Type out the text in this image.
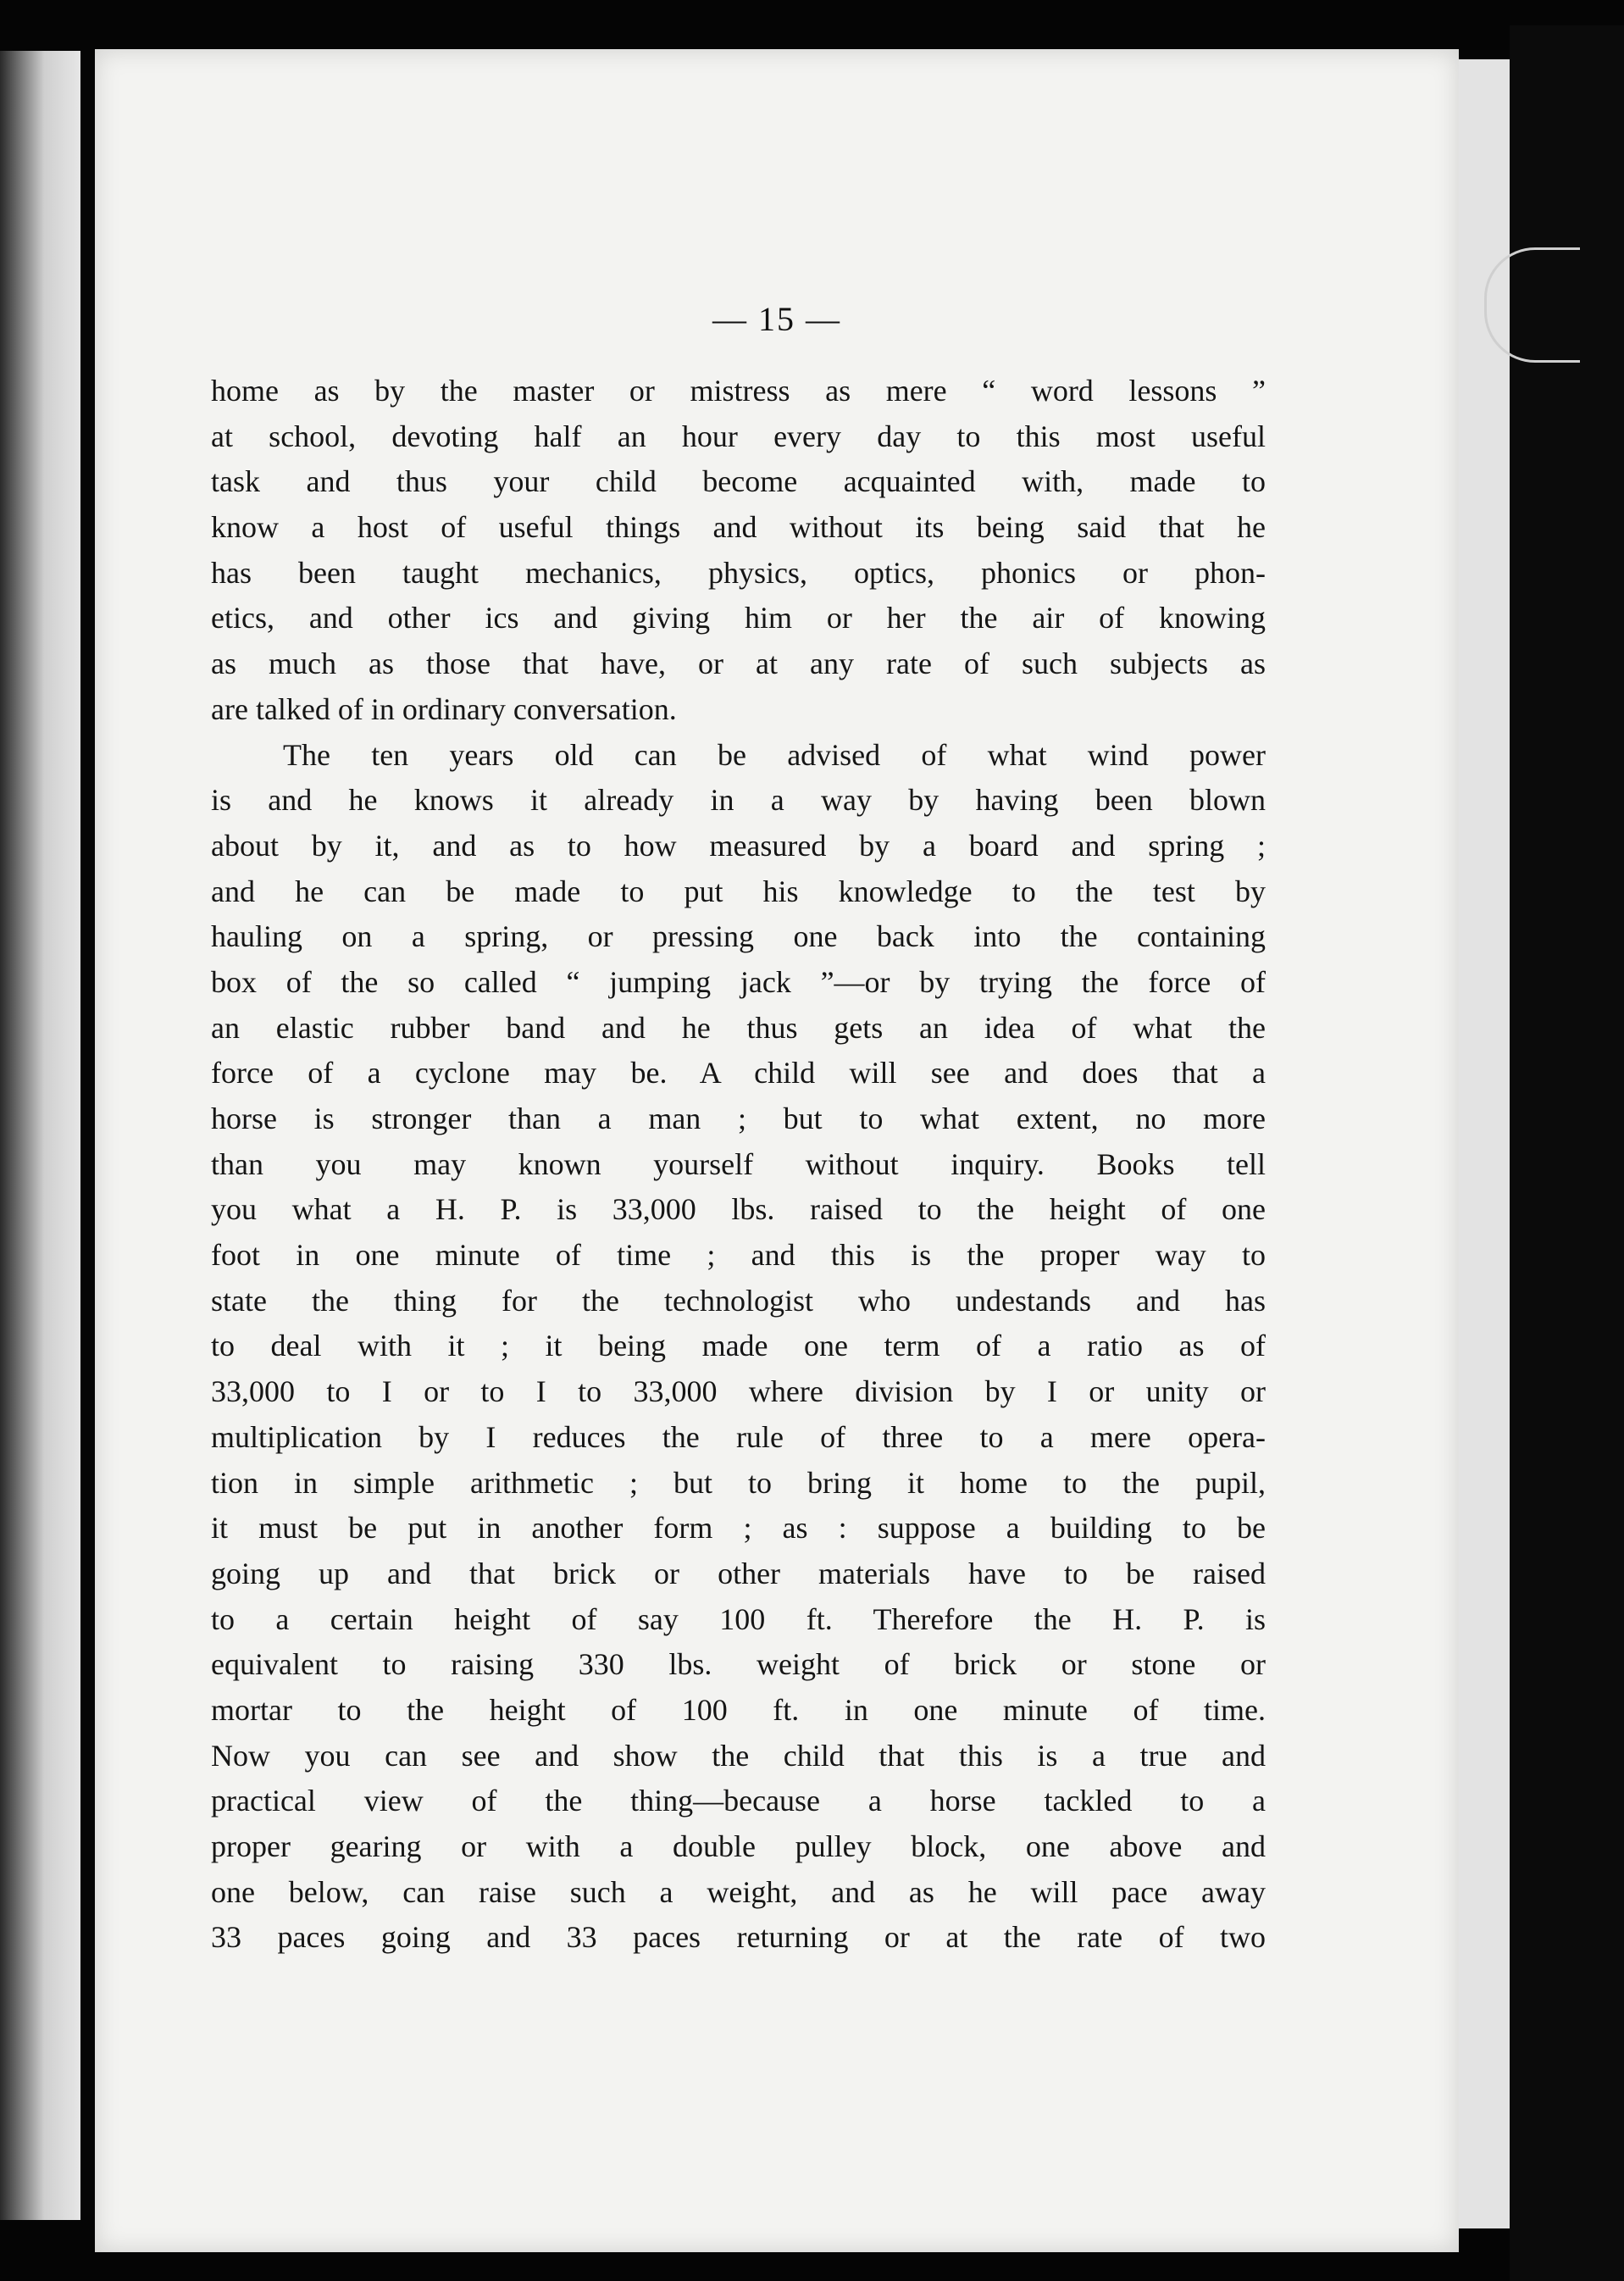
— 15 —
home as by the master or mistress as mere “ word lessons ”
at school, devoting half an hour every day to this most useful
task and thus your child become acquainted with, made to
know a host of useful things and without its being said that he
has been taught mechanics, physics, optics, phonics or phon-
etics, and other ics and giving him or her the air of knowing
as much as those that have, or at any rate of such subjects as
are talked of in ordinary conversation.
The ten years old can be advised of what wind power
is and he knows it already in a way by having been blown
about by it, and as to how measured by a board and spring ;
and he can be made to put his knowledge to the test by
hauling on a spring, or pressing one back into the containing
box of the so called “ jumping jack ”—or by trying the force of
an elastic rubber band and he thus gets an idea of what the
force of a cyclone may be. A child will see and does that a
horse is stronger than a man ; but to what extent, no more
than you may known yourself without inquiry. Books tell
you what a H. P. is 33,000 lbs. raised to the height of one
foot in one minute of time ; and this is the proper way to
state the thing for the technologist who undestands and has
to deal with it ; it being made one term of a ratio as of
33,000 to I or to I to 33,000 where division by I or unity or
multiplication by I reduces the rule of three to a mere opera-
tion in simple arithmetic ; but to bring it home to the pupil,
it must be put in another form ; as : suppose a building to be
going up and that brick or other materials have to be raised
to a certain height of say 100 ft. Therefore the H. P. is
equivalent to raising 330 lbs. weight of brick or stone or
mortar to the height of 100 ft. in one minute of time.
Now you can see and show the child that this is a true and
practical view of the thing—because a horse tackled to a
proper gearing or with a double pulley block, one above and
one below, can raise such a weight, and as he will pace away
33 paces going and 33 paces returning or at the rate of two
